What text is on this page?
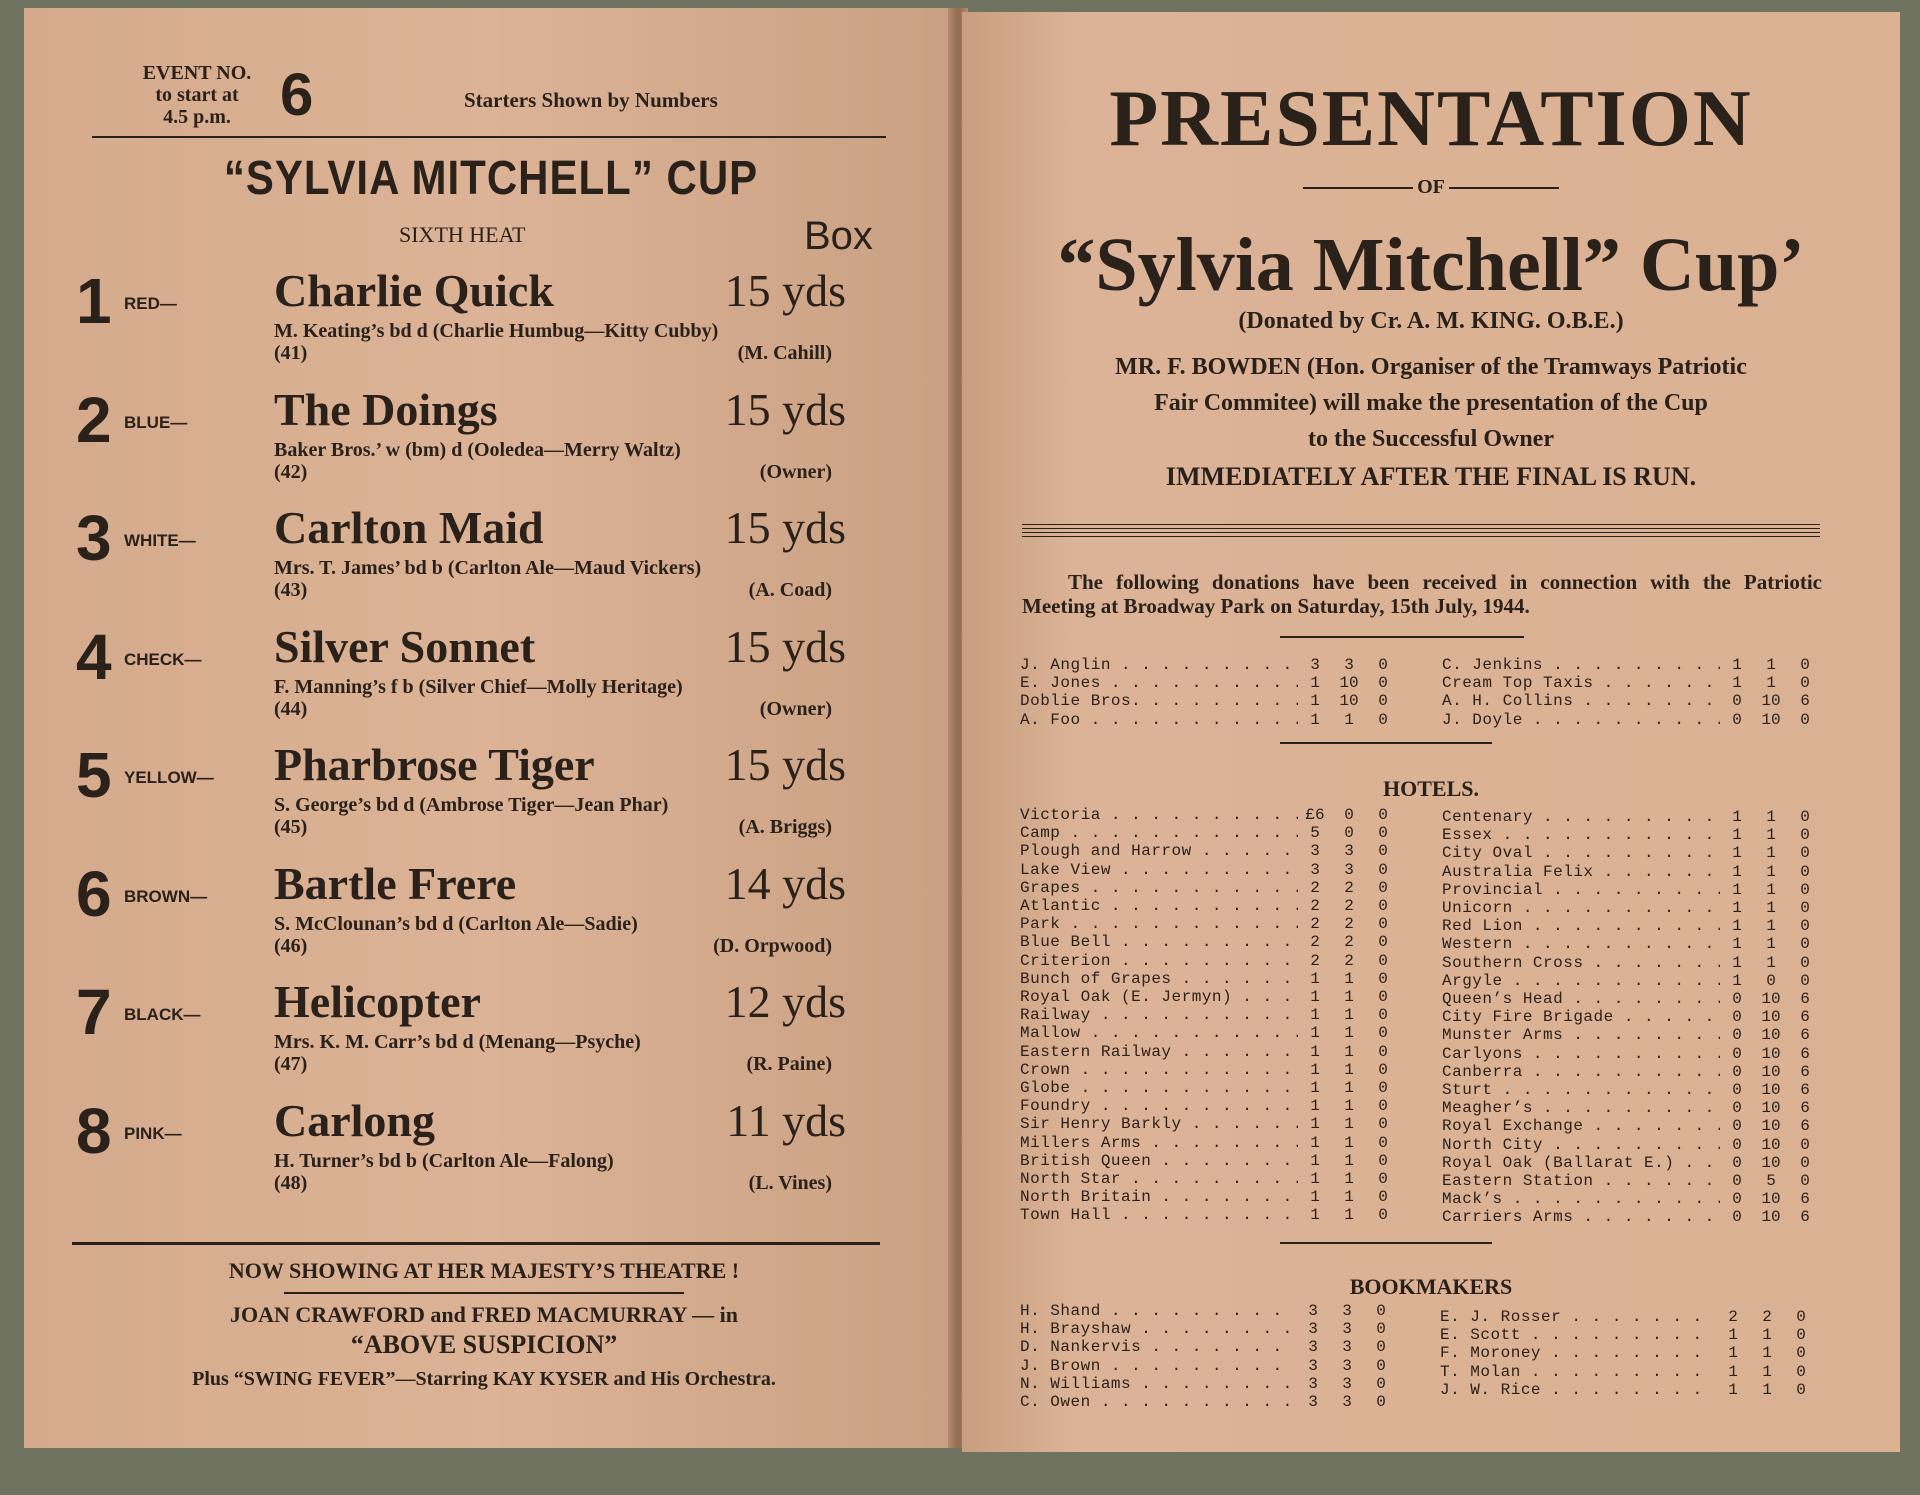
EVENT NO.
to start at
4.5 p.m. 6	Starters Shown by Numbers
“SYLVIA MITCHELL” CUP
SIXTH HEAT	Box
1 RED— Charlie Quick	15 yds
M. Keating’s bd d (Charlie Humbug—Kitty Cubby)
(41)	(M. Cahill)
2 BLUE— The Doings	15 yds
Baker Bros.’ w (bm) d (Ooledea—Merry Waltz)
(42)	(Owner)
3 WHITE— Carlton Maid	15 yds
Mrs. T. James’ bd b (Carlton Ale—Maud Vickers)
(43)	(A. Coad)
4 CHECK— Silver Sonnet	15 yds
F. Manning’s f b (Silver Chief—Molly Heritage)
(44)	(Owner)
5 YELLOW— Pharbrose Tiger	15 yds
S. George’s bd d (Ambrose Tiger—Jean Phar)
(45)	(A. Briggs)
6 BROWN— Bartle Frere	14 yds
S. McClounan’s bd d (Carlton Ale—Sadie)
(46)	(D. Orpwood)
7 BLACK— Helicopter	12 yds
Mrs. K. M. Carr’s bd d (Menang—Psyche)
(47)	(R. Paine)
8 PINK— Carlong	11 yds
H. Turner’s bd b (Carlton Ale—Falong)
(48)	(L. Vines)
NOW SHOWING AT HER MAJESTY’S THEATRE !
JOAN CRAWFORD and FRED MACMURRAY — in
“ABOVE SUSPICION”
Plus “SWING FEVER”—Starring KAY KYSER and His Orchestra.
PRESENTATION
OF
“Sylvia Mitchell” Cup’
(Donated by Cr. A. M. KING. O.B.E.)
MR. F. BOWDEN (Hon. Organiser of the Tramways Patriotic
Fair Commitee) will make the presentation of the Cup
to the Successful Owner
IMMEDIATELY AFTER THE FINAL IS RUN.
The following donations have been received in connection with the Patriotic Meeting at Broadway Park on Saturday, 15th July, 1944.
J. Anglin . . .	3	3	0
E. Jones . . .	1	10	0
Doblie Bros. . . .	1	10	0
A. Foo . . .	1	1	0
C. Jenkins . . .	1	1	0
Cream Top Taxis . . .	1	1	0
A. H. Collins . . .	0	10	6
J. Doyle . . .	0	10	0
HOTELS.
Victoria . . .	£6	0	0
Camp . . .	5	0	0
Plough and Harrow . . .	3	3	0
Lake View . . .	3	3	0
Grapes . . .	2	2	0
Atlantic . . .	2	2	0
Park . . .	2	2	0
Blue Bell . . .	2	2	0
Criterion . . .	2	2	0
Bunch of Grapes . . .	1	1	0
Royal Oak (E. Jermyn) . . .	1	1	0
Railway . . .	1	1	0
Mallow . . .	1	1	0
Eastern Railway . . .	1	1	0
Crown . . .	1	1	0
Globe . . .	1	1	0
Foundry . . .	1	1	0
Sir Henry Barkly . . .	1	1	0
Millers Arms . . .	1	1	0
British Queen . . .	1	1	0
North Star . . .	1	1	0
North Britain . . .	1	1	0
Town Hall . . .	1	1	0
Centenary . . .	1	1	0
Essex . . .	1	1	0
City Oval . . .	1	1	0
Australia Felix . . .	1	1	0
Provincial . . .	1	1	0
Unicorn . . .	1	1	0
Red Lion . . .	1	1	0
Western . . .	1	1	0
Southern Cross . . .	1	1	0
Argyle . . .	1	0	0
Queen’s Head . . .	0	10	6
City Fire Brigade . . .	0	10	6
Munster Arms . . .	0	10	6
Carlyons . . .	0	10	6
Canberra . . .	0	10	6
Sturt . . .	0	10	6
Meagher’s . . .	0	10	6
Royal Exchange . . .	0	10	6
North City . . .	0	10	0
Royal Oak (Ballarat E.) . . .	0	10	0
Eastern Station . . .	0	5	0
Mack’s . . .	0	10	6
Carriers Arms . . .	0	10	6
BOOKMAKERS
H. Shand . . .	3	3	0
H. Brayshaw . . .	3	3	0
D. Nankervis . . .	3	3	0
J. Brown . . .	3	3	0
N. Williams . . .	3	3	0
C. Owen . . .	3	3	0
E. J. Rosser . . .	2	2	0
E. Scott . . .	1	1	0
F. Moroney . . .	1	1	0
T. Molan . . .	1	1	0
J. W. Rice . . .	1	1	0
